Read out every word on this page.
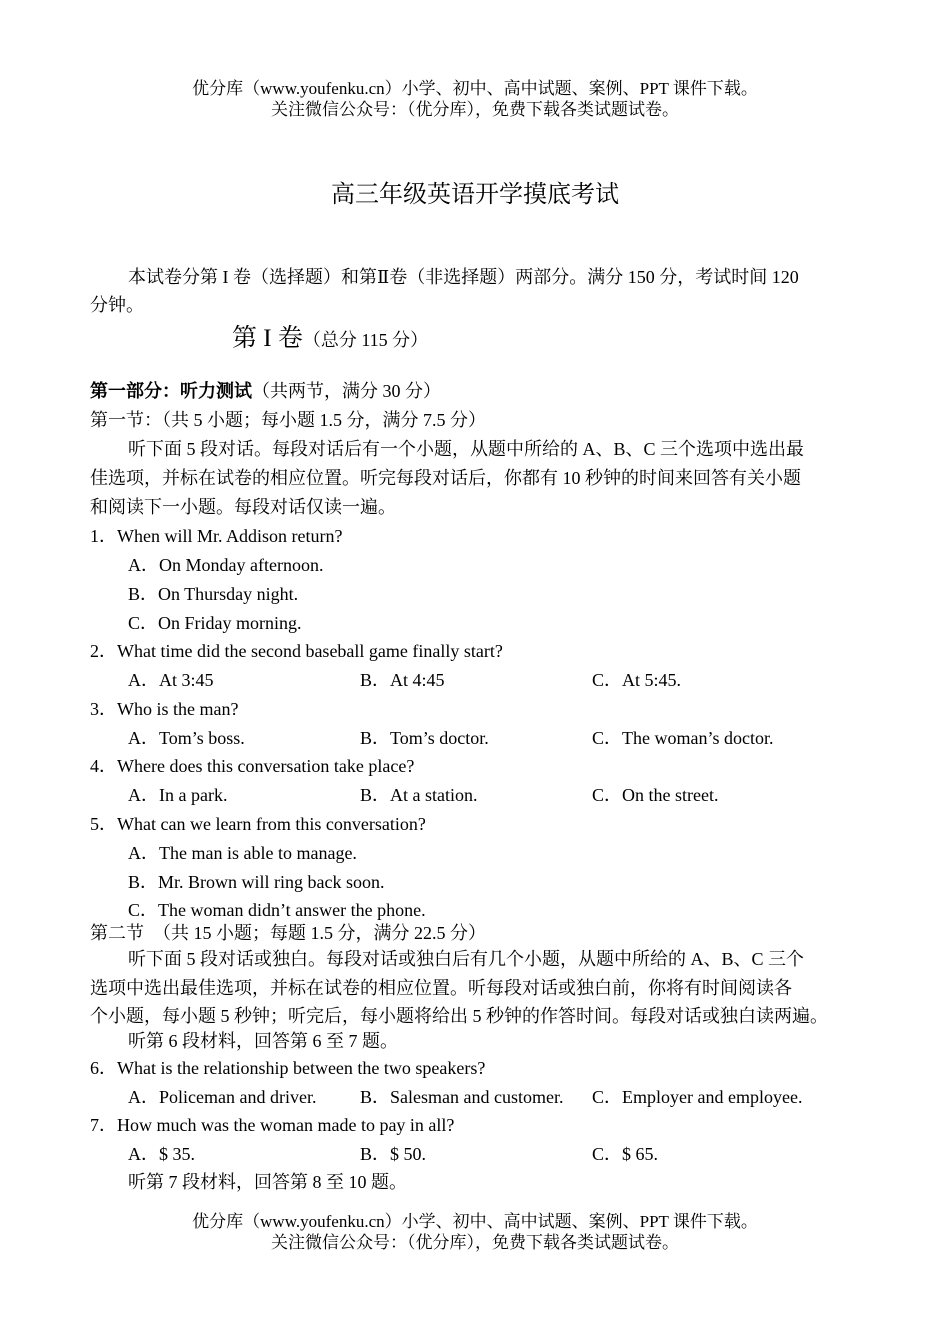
优分库（www.youfenku.cn）小学、初中、高中试题、案例、PPT 课件下载。
关注微信公众号：（优分库），免费下载各类试题试卷。
高三年级英语开学摸底考试
本试卷分第 I 卷（选择题）和第Ⅱ卷（非选择题）两部分。满分 150 分，考试时间 120
分钟。
第 I 卷（总分 115 分）
第一部分：听力测试（共两节，满分 30 分）
第一节：（共 5 小题；每小题 1.5 分，满分 7.5 分）
听下面 5 段对话。每段对话后有一个小题，从题中所给的 A、B、C 三个选项中选出最
佳选项，并标在试卷的相应位置。听完每段对话后，你都有 10 秒钟的时间来回答有关小题
和阅读下一小题。每段对话仅读一遍。
1．When will Mr. Addison return?
A．On Monday afternoon.
B．On Thursday night.
C．On Friday morning.
2．What time did the second baseball game finally start?
A．At 3:45	B．At 4:45	C．At 5:45.
3．Who is the man?
A．Tom’s boss.	B．Tom’s doctor.	C．The woman’s doctor.
4．Where does this conversation take place?
A．In a park.	B．At a station.	C．On the street.
5．What can we learn from this conversation?
A．The man is able to manage.
B．Mr. Brown will ring back soon.
C．The woman didn’t answer the phone.
第二节　（共 15 小题；每题 1.5 分，满分 22.5 分）
听下面 5 段对话或独白。每段对话或独白后有几个小题，从题中所给的 A、B、C 三个
选项中选出最佳选项，并标在试卷的相应位置。听每段对话或独白前，你将有时间阅读各
个小题，每小题 5 秒钟；听完后，每小题将给出 5 秒钟的作答时间。每段对话或独白读两遍。
听第 6 段材料，回答第 6 至 7 题。
6．What is the relationship between the two speakers?
A．Policeman and driver. B．Salesman and customer. C．Employer and employee.
7．How much was the woman made to pay in all?
A．$ 35.	B．$ 50.	C．$ 65.
听第 7 段材料，回答第 8 至 10 题。
优分库（www.youfenku.cn）小学、初中、高中试题、案例、PPT 课件下载。
关注微信公众号：（优分库），免费下载各类试题试卷。
